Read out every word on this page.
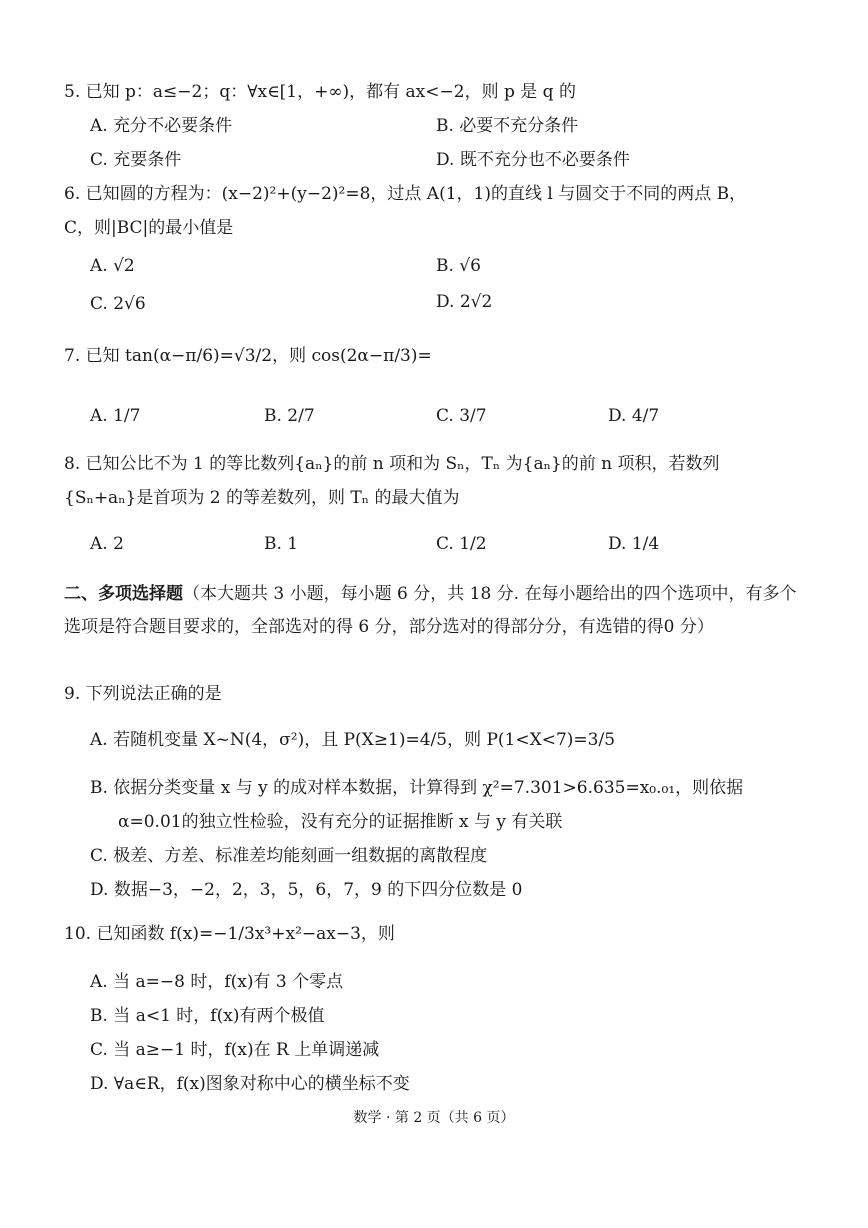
5. 已知 p：a≤−2；q：∀x∈[1，+∞)，都有 ax<−2，则 p 是 q 的
A. 充分不必要条件	B. 必要不充分条件
C. 充要条件	D. 既不充分也不必要条件
6. 已知圆的方程为：(x−2)²+(y−2)²=8，过点 A(1，1)的直线 l 与圆交于不同的两点 B，
C，则|BC|的最小值是
A. √2	B. √6
C. 2√6	D. 2√2
7. 已知 tan(α−π/6)=√3/2，则 cos(2α−π/3)=
A. 1/7	B. 2/7	C. 3/7	D. 4/7
8. 已知公比不为 1 的等比数列{aₙ}的前 n 项和为 Sₙ，Tₙ 为{aₙ}的前 n 项积，若数列
{Sₙ+aₙ}是首项为 2 的等差数列，则 Tₙ 的最大值为
A. 2	B. 1	C. 1/2	D. 1/4
二、多项选择题（本大题共 3 小题，每小题 6 分，共 18 分. 在每小题给出的四个选项中，有多个选项是符合题目要求的，全部选对的得 6 分，部分选对的得部分分，有选错的得0 分）
9. 下列说法正确的是
A. 若随机变量 X~N(4，σ²)，且 P(X≥1)=4/5，则 P(1<X<7)=3/5
B. 依据分类变量 x 与 y 的成对样本数据，计算得到 χ²=7.301>6.635=x₀.₀₁，则依据
α=0.01的独立性检验，没有充分的证据推断 x 与 y 有关联
C. 极差、方差、标准差均能刻画一组数据的离散程度
D. 数据−3，−2，2，3，5，6，7，9 的下四分位数是 0
10. 已知函数 f(x)=−1/3x³+x²−ax−3，则
A. 当 a=−8 时，f(x)有 3 个零点
B. 当 a<1 时，f(x)有两个极值
C. 当 a≥−1 时，f(x)在 R 上单调递减
D. ∀a∈R，f(x)图象对称中心的横坐标不变
数学 · 第 2 页（共 6 页）
